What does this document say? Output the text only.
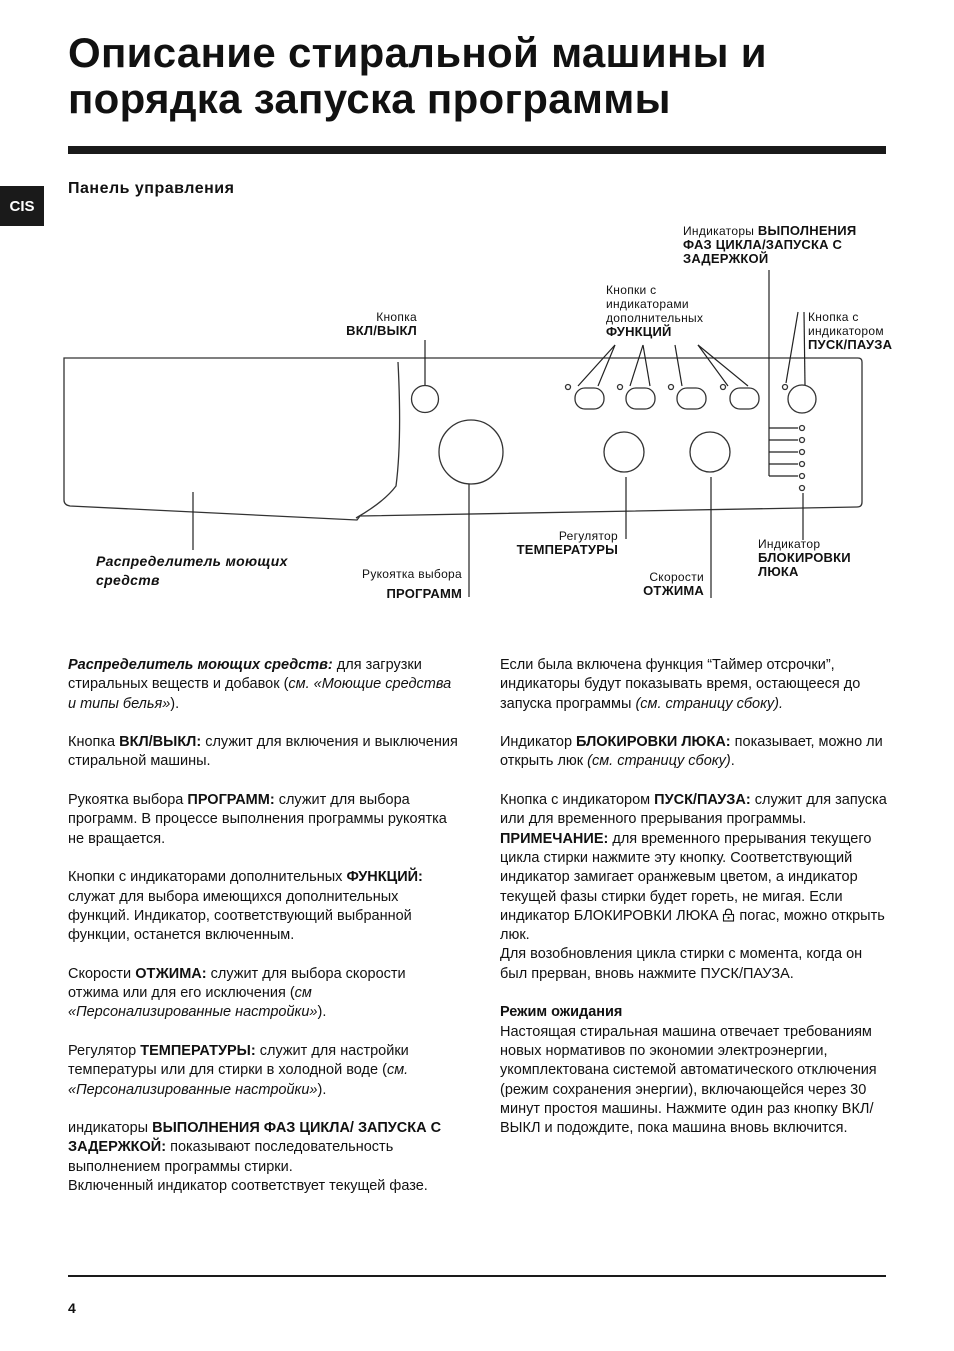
Описание стиральной машины и
порядка запуска программы
CIS
Панель управления
Индикаторы ВЫПОЛНЕНИЯ
ФАЗ ЦИКЛА/ЗАПУСКА С
ЗАДЕРЖКОЙ
Кнопки с
индикаторами
дополнительных
ФУНКЦИЙ
Кнопка с
индикатором
ПУСК/ПАУЗА
Кнопка
ВКЛ/ВЫКЛ
Регулятор
ТЕМПЕРАТУРЫ
Скорости
ОТЖИМА
Рукоятка выбора
ПРОГРАММ
Распределитель моющих
средств
Индикатор
БЛОКИРОВКИ
ЛЮКА

Распределитель моющих средств: для загрузки стиральных веществ и добавок (см. «Моющие средства и типы белья»).

Кнопка ВКЛ/ВЫКЛ: служит для включения и выключения стиральной машины.

Рукоятка выбора ПРОГРАММ: служит для выбора программ. В процессе выполнения программы рукоятка не вращается.

Кнопки с индикаторами дополнительных ФУНКЦИЙ: служат для выбора имеющихся дополнительных функций. Индикатор, соответствующий выбранной функции, останется включенным.

Скорости ОТЖИМА: служит для выбора скорости отжима или для его исключения (см «Персонализированные настройки»).

Регулятор ТЕМПЕРАТУРЫ: служит для настройки температуры или для стирки в холодной воде (см. «Персонализированные настройки»).

индикаторы ВЫПОЛНЕНИЯ ФАЗ ЦИКЛА/ ЗАПУСКА С ЗАДЕРЖКОЙ: показывают последовательность выполнением программы стирки.

Включенный индикатор соответствует текущей фазе.

Если была включена функция “Таймер отсрочки”, индикаторы будут показывать время, остающееся до запуска программы (см. страницу сбоку).

Индикатор БЛОКИРОВКИ ЛЮКА: показывает, можно ли открыть люк (см. страницу сбоку).

Кнопка с индикатором ПУСК/ПАУЗА: служит для запуска или для временного прерывания программы.

ПРИМЕЧАНИЕ: для временного прерывания текущего цикла стирки нажмите эту кнопку. Соответствующий индикатор замигает оранжевым цветом, а индикатор текущей фазы стирки будет гореть, не мигая. Если индикатор БЛОКИРОВКИ ЛЮКА  погас, можно открыть люк.

Для возобновления цикла стирки с момента, когда он был прерван, вновь нажмите ПУСК/ПАУЗА.

Режим ожидания

Настоящая стиральная машина отвечает требованиям новых нормативов по экономии электроэнергии, укомплектована системой автоматического отключения (режим сохранения энергии), включающейся через 30 минут простоя машины. Нажмите один раз кнопку ВКЛ/ВЫКЛ и подождите, пока машина вновь включится.

4
